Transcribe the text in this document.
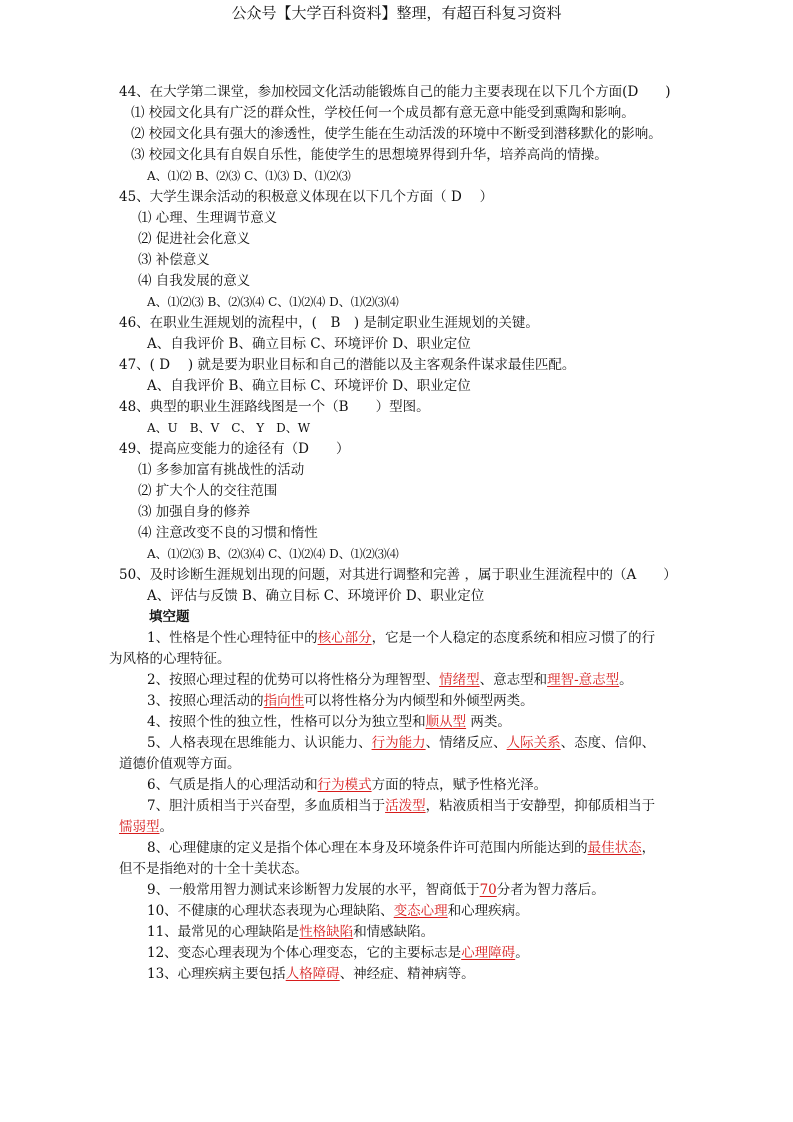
公众号【大学百科资料】整理，有超百科复习资料
44、在大学第二课堂，参加校园文化活动能锻炼自己的能力主要表现在以下几个方面(D　　)
⑴ 校园文化具有广泛的群众性，学校任何一个成员都有意无意中能受到熏陶和影响。
⑵ 校园文化具有强大的渗透性，使学生能在生动活泼的环境中不断受到潜移默化的影响。
⑶ 校园文化具有自娱自乐性，能使学生的思想境界得到升华，培养高尚的情操。
A、⑴⑵ B、⑵⑶ C、⑴⑶ D、⑴⑵⑶
45、大学生课余活动的积极意义体现在以下几个方面（ D　 ）
⑴ 心理、生理调节意义
⑵ 促进社会化意义
⑶ 补偿意义
⑷ 自我发展的意义
A、⑴⑵⑶ B、⑵⑶⑷ C、⑴⑵⑷ D、⑴⑵⑶⑷
46、在职业生涯规划的流程中，(　B　) 是制定职业生涯规划的关键。
A、自我评价 B、确立目标 C、环境评价 D、职业定位
47、( D　 ) 就是要为职业目标和自己的潜能以及主客观条件谋求最佳匹配。
A、自我评价 B、确立目标 C、环境评价 D、职业定位
48、典型的职业生涯路线图是一个（B　　）型图。
A、U　B、V　C、 Y　D、W
49、提高应变能力的途径有（D　　）
⑴ 多参加富有挑战性的活动
⑵ 扩大个人的交往范围
⑶ 加强自身的修养
⑷ 注意改变不良的习惯和惰性
A、⑴⑵⑶ B、⑵⑶⑷ C、⑴⑵⑷ D、⑴⑵⑶⑷
50、及时诊断生涯规划出现的问题，对其进行调整和完善 ，属于职业生涯流程中的（A　　）
A、评估与反馈 B、确立目标 C、环境评价 D、职业定位
填空题
1、性格是个性心理特征中的核心部分，它是一个人稳定的态度系统和相应习惯了的行
为风格的心理特征。
2、按照心理过程的优势可以将性格分为理智型、情绪型、意志型和理智-意志型。
3、按照心理活动的指向性可以将性格分为内倾型和外倾型两类。
4、按照个性的独立性，性格可以分为独立型和顺从型 两类。
5、人格表现在思维能力、认识能力、行为能力、情绪反应、人际关系、态度、信仰、
道德价值观等方面。
6、气质是指人的心理活动和行为模式方面的特点，赋予性格光泽。
7、胆汁质相当于兴奋型，多血质相当于活泼型，粘液质相当于安静型，抑郁质相当于
懦弱型。
8、心理健康的定义是指个体心理在本身及环境条件许可范围内所能达到的最佳状态，
但不是指绝对的十全十美状态。
9、一般常用智力测试来诊断智力发展的水平，智商低于70分者为智力落后。
10、不健康的心理状态表现为心理缺陷、变态心理和心理疾病。
11、最常见的心理缺陷是性格缺陷和情感缺陷。
12、变态心理表现为个体心理变态，它的主要标志是心理障碍。
13、心理疾病主要包括人格障碍、神经症、精神病等。
